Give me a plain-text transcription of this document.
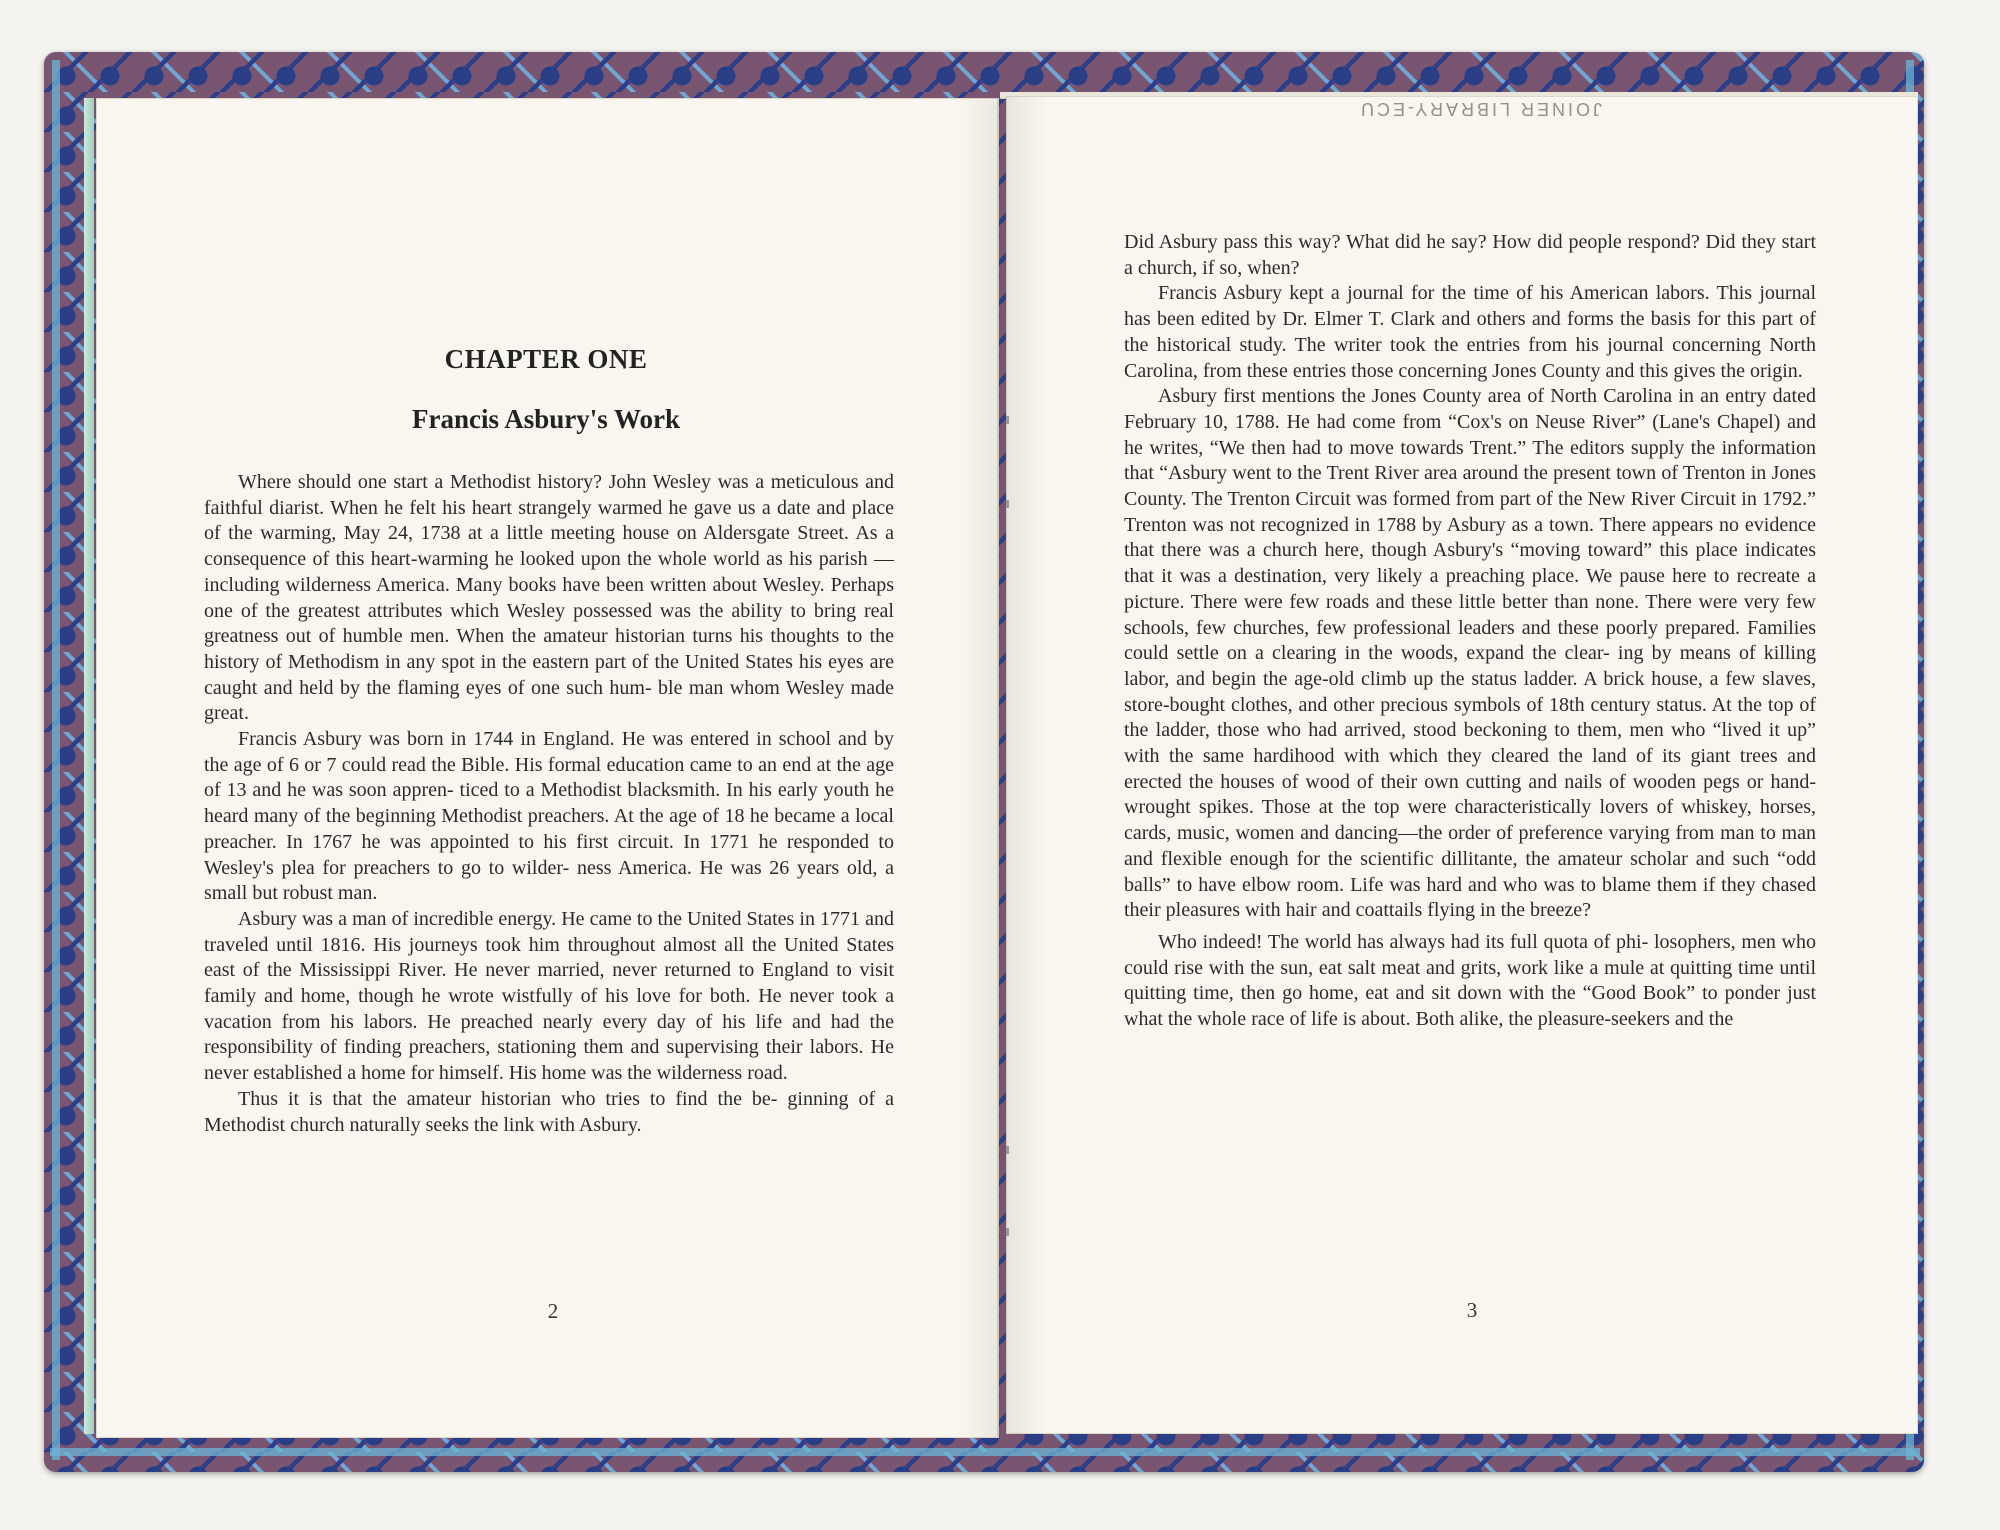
CHAPTER ONE
Francis Asbury's Work

Where should one start a Methodist history? John Wesley was a meticulous and faithful diarist. When he felt his heart strangely warmed he gave us a date and place of the warming, May 24, 1738 at a little meeting house on Aldersgate Street. As a consequence of this heart-warming he looked upon the whole world as his parish —including wilderness America. Many books have been written about Wesley. Perhaps one of the greatest attributes which Wesley possessed was the ability to bring real greatness out of humble men. When the amateur historian turns his thoughts to the history of Methodism in any spot in the eastern part of the United States his eyes are caught and held by the flaming eyes of one such hum- ble man whom Wesley made great.

Francis Asbury was born in 1744 in England. He was entered in school and by the age of 6 or 7 could read the Bible. His formal education came to an end at the age of 13 and he was soon appren- ticed to a Methodist blacksmith. In his early youth he heard many of the beginning Methodist preachers. At the age of 18 he became a local preacher. In 1767 he was appointed to his first circuit. In 1771 he responded to Wesley's plea for preachers to go to wilder- ness America. He was 26 years old, a small but robust man.

Asbury was a man of incredible energy. He came to the United States in 1771 and traveled until 1816. His journeys took him throughout almost all the United States east of the Mississippi River. He never married, never returned to England to visit family and home, though he wrote wistfully of his love for both. He never took a vacation from his labors. He preached nearly every day of his life and had the responsibility of finding preachers, stationing them and supervising their labors. He never established a home for himself. His home was the wilderness road.

Thus it is that the amateur historian who tries to find the be- ginning of a Methodist church naturally seeks the link with Asbury.

2

Did Asbury pass this way? What did he say? How did people respond? Did they start a church, if so, when?

Francis Asbury kept a journal for the time of his American labors. This journal has been edited by Dr. Elmer T. Clark and others and forms the basis for this part of the historical study. The writer took the entries from his journal concerning North Carolina, from these entries those concerning Jones County and this gives the origin.

Asbury first mentions the Jones County area of North Carolina in an entry dated February 10, 1788. He had come from “Cox's on Neuse River” (Lane's Chapel) and he writes, “We then had to move towards Trent.” The editors supply the information that “Asbury went to the Trent River area around the present town of Trenton in Jones County. The Trenton Circuit was formed from part of the New River Circuit in 1792.” Trenton was not recognized in 1788 by Asbury as a town. There appears no evidence that there was a church here, though Asbury's “moving toward” this place indicates that it was a destination, very likely a preaching place. We pause here to recreate a picture. There were few roads and these little better than none. There were very few schools, few churches, few professional leaders and these poorly prepared. Families could settle on a clearing in the woods, expand the clear- ing by means of killing labor, and begin the age-old climb up the status ladder. A brick house, a few slaves, store-bought clothes, and other precious symbols of 18th century status. At the top of the ladder, those who had arrived, stood beckoning to them, men who “lived it up” with the same hardihood with which they cleared the land of its giant trees and erected the houses of wood of their own cutting and nails of wooden pegs or hand-wrought spikes. Those at the top were characteristically lovers of whiskey, horses, cards, music, women and dancing—the order of preference varying from man to man and flexible enough for the scientific dillitante, the amateur scholar and such “odd balls” to have elbow room. Life was hard and who was to blame them if they chased their pleasures with hair and coattails flying in the breeze?

Who indeed! The world has always had its full quota of phi- losophers, men who could rise with the sun, eat salt meat and grits, work like a mule at quitting time until quitting time, then go home, eat and sit down with the “Good Book” to ponder just what the whole race of life is about. Both alike, the pleasure-seekers and the

3
JOINER LIBRARY-ECU
